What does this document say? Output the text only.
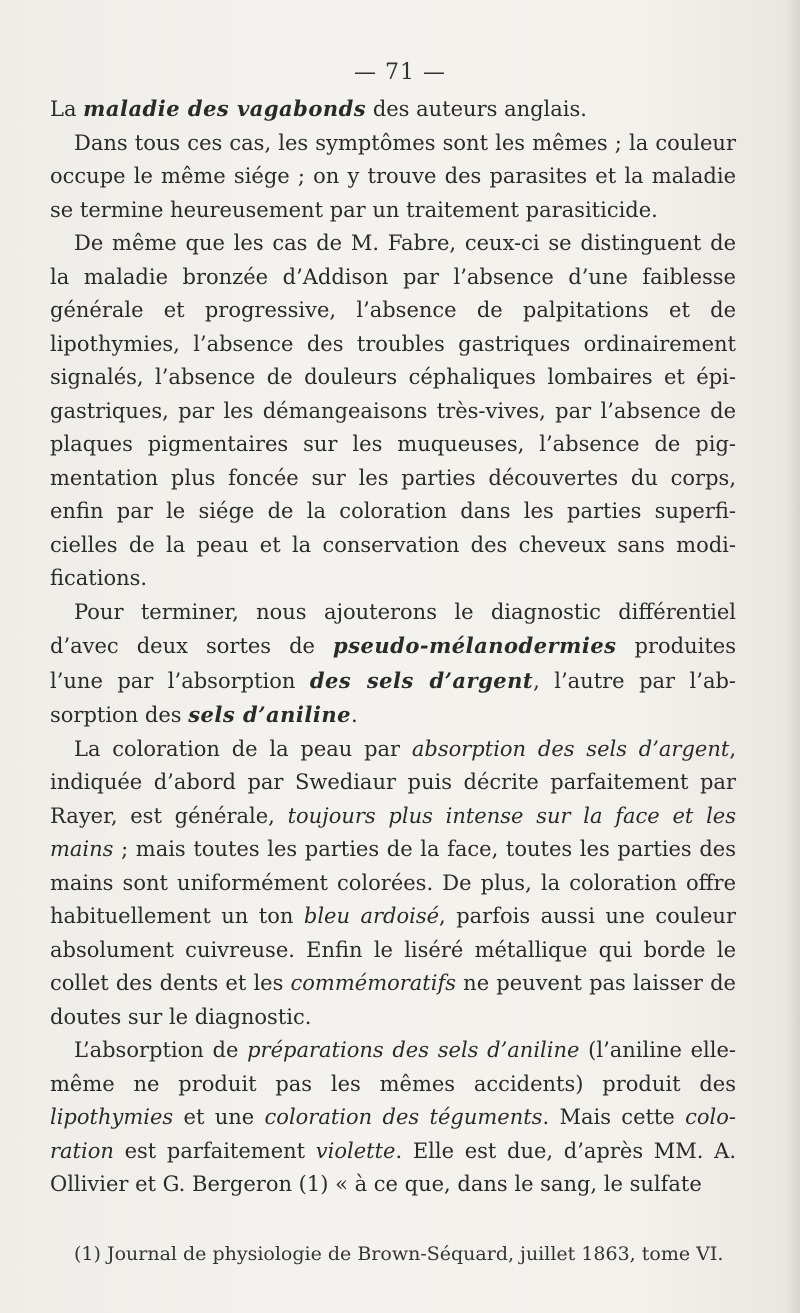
— 71 —

La maladie des vagabonds des auteurs anglais.

Dans tous ces cas, les symptômes sont les mêmes ; la couleur occupe le même siége ; on y trouve des parasites et la maladie se termine heureusement par un traitement parasiticide.

De même que les cas de M. Fabre, ceux-ci se distinguent de la maladie bronzée d’Addison par l’absence d’une faiblesse générale et progressive, l’absence de palpitations et de lipothymies, l’absence des troubles gastriques ordinairement signalés, l’absence de douleurs céphaliques lombaires et épi-gastriques, par les démangeaisons très-vives, par l’absence de plaques pigmentaires sur les muqueuses, l’absence de pig-mentation plus foncée sur les parties découvertes du corps, enfin par le siége de la coloration dans les parties superfi-cielles de la peau et la conservation des cheveux sans modi-fications.

Pour terminer, nous ajouterons le diagnostic différentiel d’avec deux sortes de pseudo-mélanodermies produites l’une par l’absorption des sels d’argent, l’autre par l’ab-sorption des sels d’aniline.

La coloration de la peau par absorption des sels d’argent, indiquée d’abord par Swediaur puis décrite parfaitement par Rayer, est générale, toujours plus intense sur la face et les mains ; mais toutes les parties de la face, toutes les parties des mains sont uniformément colorées. De plus, la coloration offre habituellement un ton bleu ardoisé, parfois aussi une couleur absolument cuivreuse. Enfin le liséré métallique qui borde le collet des dents et les commémoratifs ne peuvent pas laisser de doutes sur le diagnostic.

L’absorption de préparations des sels d’aniline (l’aniline elle-même ne produit pas les mêmes accidents) produit des lipothymies et une coloration des téguments. Mais cette colo-ration est parfaitement violette. Elle est due, d’après MM. A. Ollivier et G. Bergeron (1) « à ce que, dans le sang, le sulfate

(1) Journal de physiologie de Brown-Séquard, juillet 1863, tome VI.
